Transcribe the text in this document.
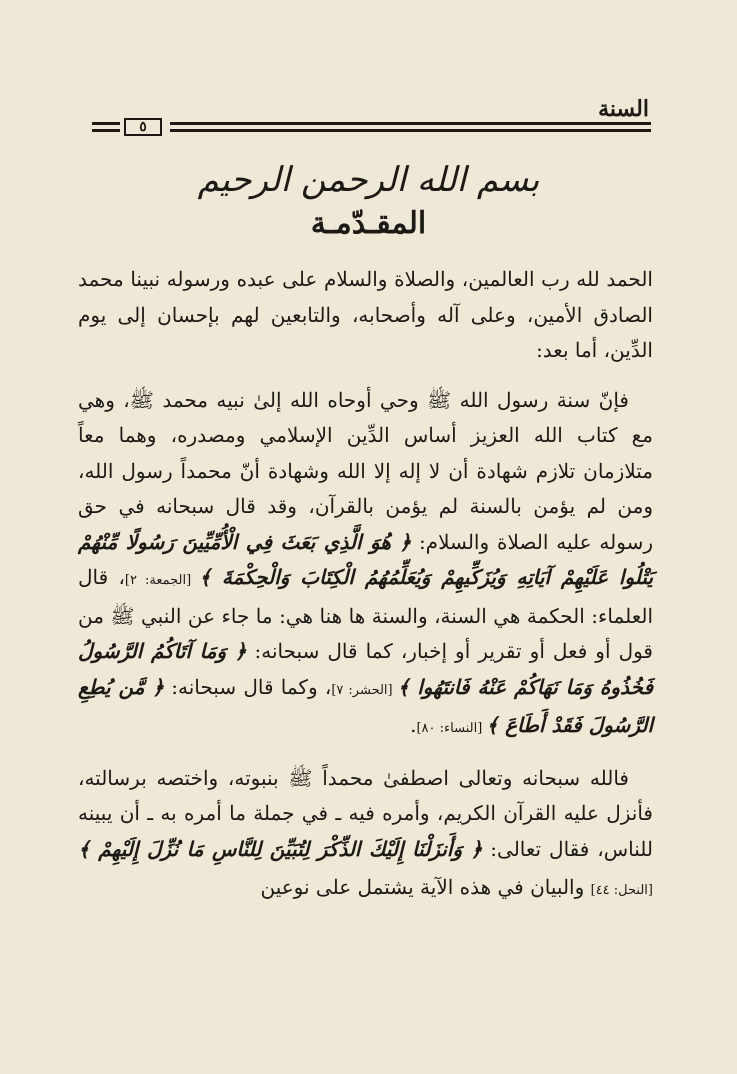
السنة
٥
بسم الله الرحمن الرحيم
المقـدّمـة

الحمد لله رب العالمين، والصلاة والسلام على عبده ورسوله نبينا محمد الصادق الأمين، وعلى آله وأصحابه، والتابعين لهم بإحسان إلى يوم الدِّين، أما بعد:

فإنّ سنة رسول الله ﷺ وحي أوحاه الله إلىٰ نبيه محمد ﷺ، وهي مع كتاب الله العزيز أساس الدِّين الإسلامي ومصدره، وهما معاً متلازمان تلازم شهادة أن لا إله إلا الله وشهادة أنّ محمداً رسول الله، ومن لم يؤمن بالسنة لم يؤمن بالقرآن، وقد قال سبحانه في حق رسوله عليه الصلاة والسلام: ﴿ هُوَ الَّذِي بَعَثَ فِي الْأُمِّيِّينَ رَسُولًا مِّنْهُمْ يَتْلُوا عَلَيْهِمْ آيَاتِهِ وَيُزَكِّيهِمْ وَيُعَلِّمُهُمُ الْكِتَابَ وَالْحِكْمَةَ ﴾ [الجمعة: ٢]، قال العلماء: الحكمة هي السنة، والسنة ها هنا هي: ما جاء عن النبي ﷺ من قول أو فعل أو تقرير أو إخبار، كما قال سبحانه: ﴿ وَمَا آتَاكُمُ الرَّسُولُ فَخُذُوهُ وَمَا نَهَاكُمْ عَنْهُ فَانتَهُوا ﴾ [الحشر: ٧]، وكما قال سبحانه: ﴿ مَّن يُطِعِ الرَّسُولَ فَقَدْ أَطَاعَ ﴾ [النساء: ٨٠].

فالله سبحانه وتعالى اصطفىٰ محمداً ﷺ بنبوته، واختصه برسالته، فأنزل عليه القرآن الكريم، وأمره فيه ـ في جملة ما أمره به ـ أن يبينه للناس، فقال تعالى: ﴿ وَأَنزَلْنَا إِلَيْكَ الذِّكْرَ لِتُبَيِّنَ لِلنَّاسِ مَا نُزِّلَ إِلَيْهِمْ ﴾ [النحل: ٤٤] والبيان في هذه الآية يشتمل على نوعين
